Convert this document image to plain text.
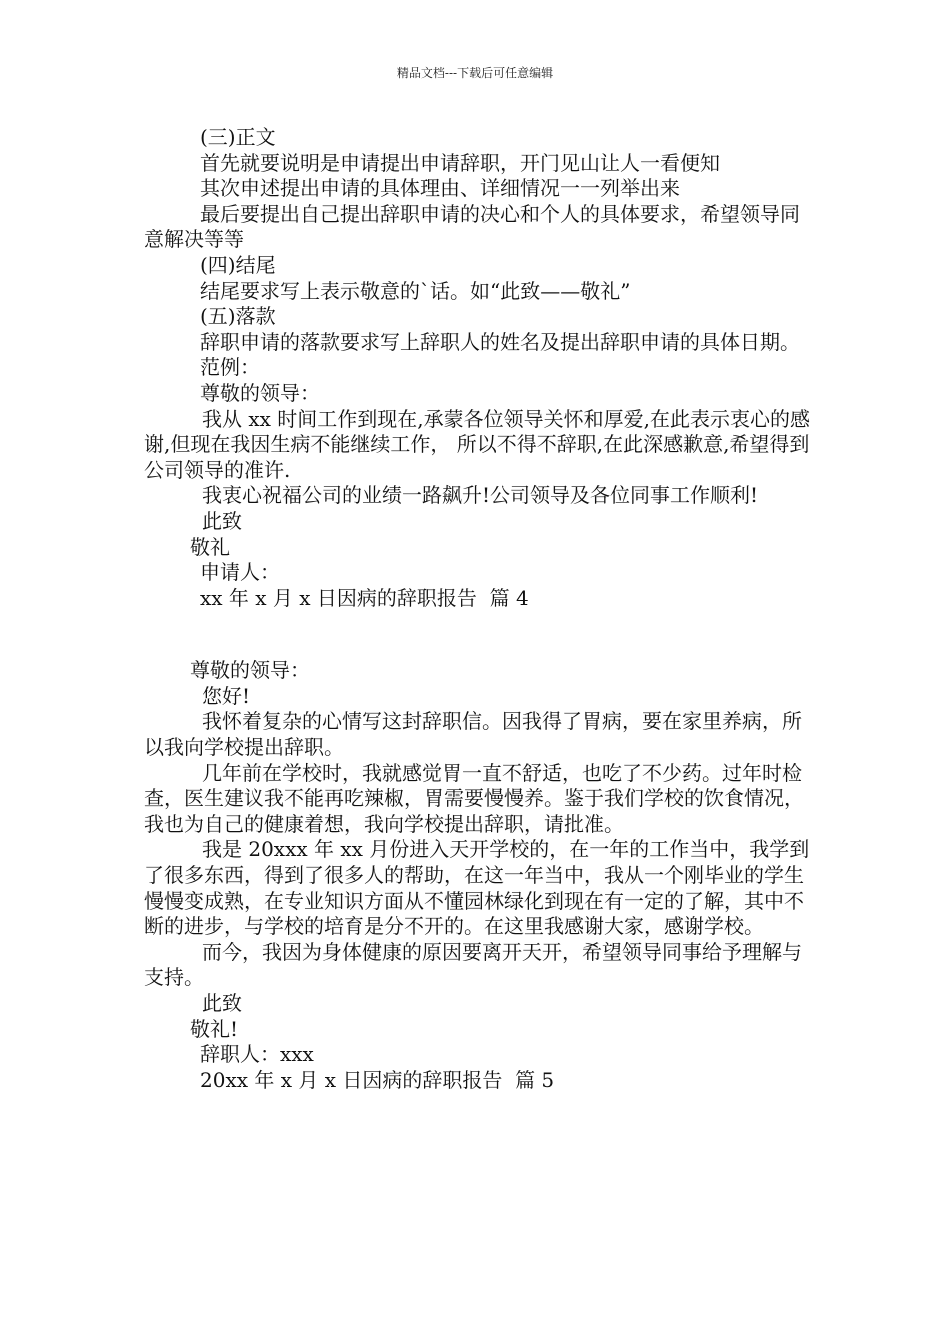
精品文档---下载后可任意编辑

(三)正文

首先就要说明是申请提出申请辞职，开门见山让人一看便知

其次申述提出申请的具体理由、详细情况一一列举出来

最后要提出自己提出辞职申请的决心和个人的具体要求，希望领导同意解决等等

(四)结尾

结尾要求写上表示敬意的`话。如“此致——敬礼”

(五)落款

辞职申请的落款要求写上辞职人的姓名及提出辞职申请的具体日期。

范例：

尊敬的领导：

我从 xx 时间工作到现在,承蒙各位领导关怀和厚爱,在此表示衷心的感谢,但现在我因生病不能继续工作， 所以不得不辞职,在此深感歉意,希望得到公司领导的准许.

我衷心祝福公司的业绩一路飙升!公司领导及各位同事工作顺利!

此致

敬礼

申请人：

xx 年 x 月 x 日因病的辞职报告  篇 4

尊敬的领导：

您好!

我怀着复杂的心情写这封辞职信。因我得了胃病，要在家里养病，所以我向学校提出辞职。

几年前在学校时，我就感觉胃一直不舒适，也吃了不少药。过年时检查，医生建议我不能再吃辣椒，胃需要慢慢养。鉴于我们学校的饮食情况，我也为自己的健康着想，我向学校提出辞职，请批准。

我是 20xxx 年 xx 月份进入天开学校的，在一年的工作当中，我学到了很多东西，得到了很多人的帮助，在这一年当中，我从一个刚毕业的学生慢慢变成熟，在专业知识方面从不懂园林绿化到现在有一定的了解，其中不断的进步，与学校的培育是分不开的。在这里我感谢大家，感谢学校。

而今，我因为身体健康的原因要离开天开，希望领导同事给予理解与支持。

此致

敬礼!

辞职人：xxx

20xx 年 x 月 x 日因病的辞职报告  篇 5
